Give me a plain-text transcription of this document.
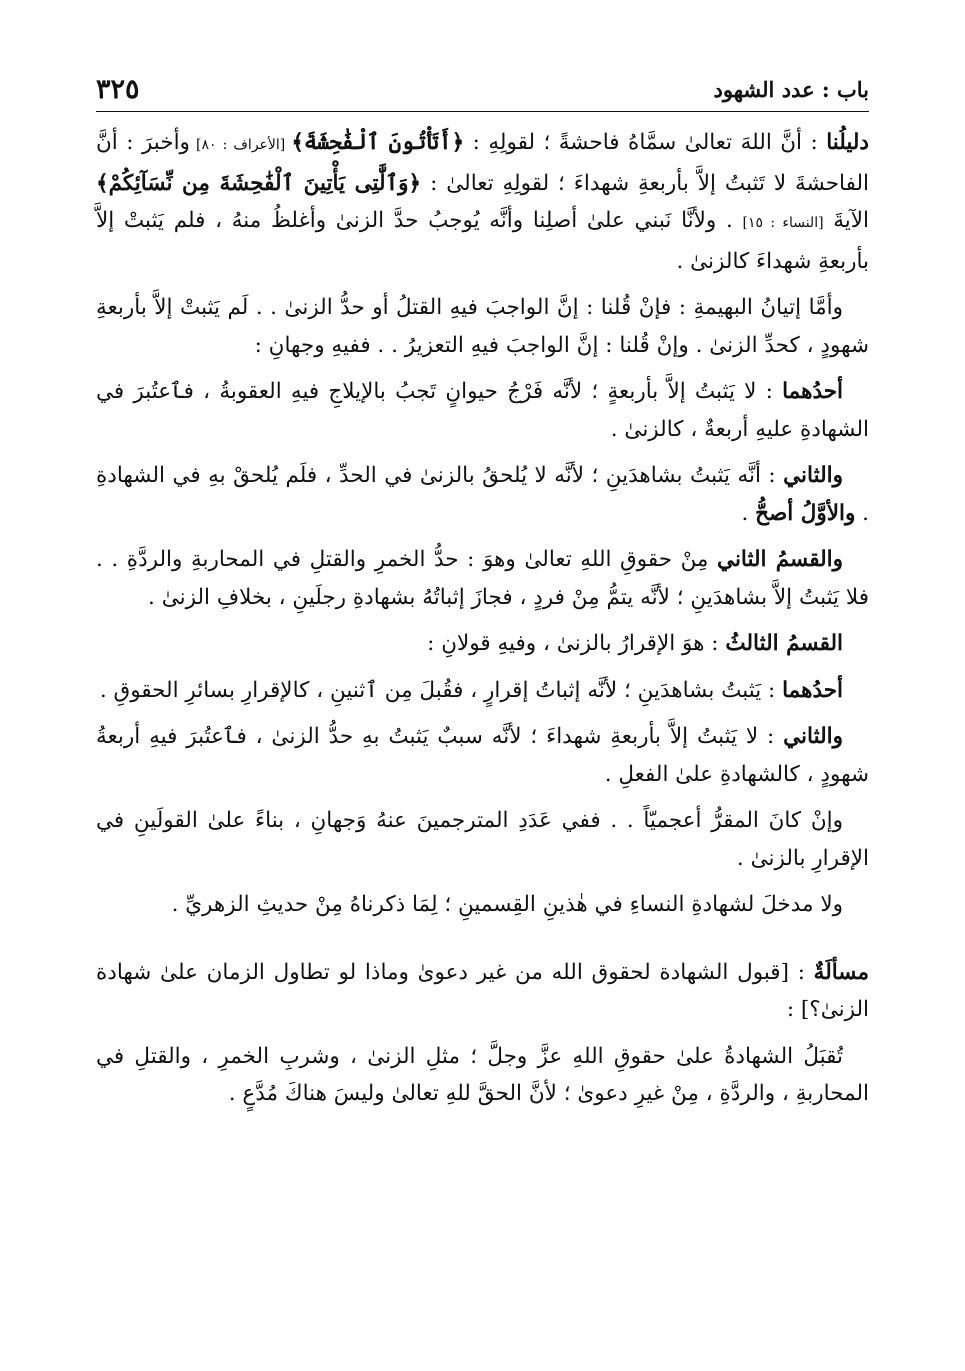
باب : عدد الشهود
٣٢٥

دليلُنا : أنَّ اللهَ تعالىٰ سمَّاهُ فاحشةً ؛ لقولِهِ : ﴿أَتَأْتُونَ ٱلْفَٰحِشَةَ﴾ [الأعراف : ٨٠] وأخبرَ : أنَّ الفاحشةَ لا تَثبتُ إلاَّ بأربعةِ شهداءَ ؛ لقولِهِ تعالىٰ : ﴿وَٱلَّٰتِى يَأْتِينَ ٱلْفَٰحِشَةَ مِن نِّسَآئِكُمْ﴾ الآيةَ [النساء : ١٥] . ولأنَّا نَبني علىٰ أصلِنا وأنَّه يُوجبُ حدَّ الزنىٰ وأغلظُ منهُ ، فلم يَثبتْ إلاَّ بأربعةِ شهداءَ كالزنىٰ .

وأمَّا إتيانُ البهيمةِ : فإنْ قُلنا : إنَّ الواجبَ فيهِ القتلُ أو حدُّ الزنىٰ . . لَم يَثبتْ إلاَّ بأربعةِ شهودٍ ، كحدِّ الزنىٰ . وإنْ قُلنا : إنَّ الواجبَ فيهِ التعزيرُ . . ففيهِ وجهانِ :

أحدُهما : لا يَثبتُ إلاَّ بأربعةٍ ؛ لأنَّه فَرْجُ حيوانٍ تَجبُ بالإيلاجِ فيهِ العقوبةُ ، فٱعتُبرَ في الشهادةِ عليهِ أربعةٌ ، كالزنىٰ .

والثاني : أنَّه يَثبتُ بشاهدَينِ ؛ لأنَّه لا يُلحقُ بالزنىٰ في الحدِّ ، فلَم يُلحقْ بهِ في الشهادةِ . والأوَّلُ أصحُّ .

والقسمُ الثاني مِنْ حقوقِ اللهِ تعالىٰ وهوَ : حدُّ الخمرِ والقتلِ في المحاربةِ والردَّةِ . . فلا يَثبتُ إلاَّ بشاهدَينِ ؛ لأنَّه يتمُّ مِنْ فردٍ ، فجازَ إثباتُهُ بشهادةِ رجلَينِ ، بخلافِ الزنىٰ .

القسمُ الثالثُ : هوَ الإقرارُ بالزنىٰ ، وفيهِ قولانِ :

أحدُهما : يَثبتُ بشاهدَينِ ؛ لأنَّه إثباتُ إقرارٍ ، فقُبلَ مِن ٱثنينِ ، كالإقرارِ بسائرِ الحقوقِ .

والثاني : لا يَثبتُ إلاَّ بأربعةِ شهداءَ ؛ لأنَّه سببٌ يَثبتُ بهِ حدُّ الزنىٰ ، فٱعتُبرَ فيهِ أربعةُ شهودٍ ، كالشهادةِ علىٰ الفعلِ .

وإنْ كانَ المقرُّ أعجميّاً . . ففي عَدَدِ المترجمينَ عنهُ وَجهانِ ، بناءً علىٰ القولَينِ في الإقرارِ بالزنىٰ .

ولا مدخلَ لشهادةِ النساءِ في هٰذينِ القِسمينِ ؛ لِمَا ذكرناهُ مِنْ حديثِ الزهريِّ .

مسألَةٌ : [قبول الشهادة لحقوق الله من غير دعوىٰ وماذا لو تطاول الزمان علىٰ شهادة الزنىٰ؟] :

تُقبَلُ الشهادةُ علىٰ حقوقِ اللهِ عزَّ وجلَّ ؛ مثلِ الزنىٰ ، وشربِ الخمرِ ، والقتلِ في المحاربةِ ، والردَّةِ ، مِنْ غيرِ دعوىٰ ؛ لأنَّ الحقَّ للهِ تعالىٰ وليسَ هناكَ مُدَّعٍ .
